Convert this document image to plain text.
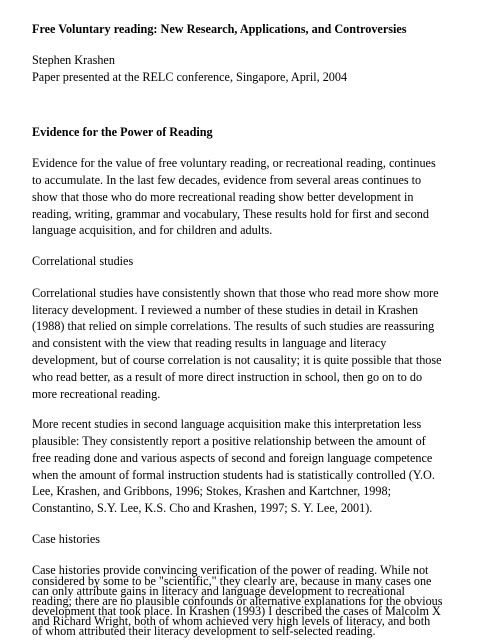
Free Voluntary reading: New Research, Applications, and Controversies
Stephen Krashen
Paper presented at the RELC conference, Singapore, April, 2004
Evidence for the Power of Reading
Evidence for the value of free voluntary reading, or recreational reading, continues
to accumulate. In the last few decades, evidence from several areas continues to
show that those who do more recreational reading show better development in
reading, writing, grammar and vocabulary, These results hold for first and second
language acquisition, and for children and adults.
Correlational studies
Correlational studies have consistently shown that those who read more show more
literacy development. I reviewed a number of these studies in detail in Krashen
(1988) that relied on simple correlations. The results of such studies are reassuring
and consistent with the view that reading results in language and literacy
development, but of course correlation is not causality; it is quite possible that those
who read better, as a result of more direct instruction in school, then go on to do
more recreational reading.
More recent studies in second language acquisition make this interpretation less
plausible: They consistently report a positive relationship between the amount of
free reading done and various aspects of second and foreign language competence
when the amount of formal instruction students had is statistically controlled (Y.O.
Lee, Krashen, and Gribbons, 1996; Stokes, Krashen and Kartchner, 1998;
Constantino, S.Y. Lee, K.S. Cho and Krashen, 1997; S. Y. Lee, 2001).
Case histories
Case histories provide convincing verification of the power of reading. While not
considered by some to be "scientific," they clearly are, because in many cases one
can only attribute gains in literacy and language development to recreational
reading; there are no plausible confounds or alternative explanations for the obvious
development that took place. In Krashen (1993) I described the cases of Malcolm X
and Richard Wright, both of whom achieved very high levels of literacy, and both
of whom attributed their literacy development to self-selected reading.
